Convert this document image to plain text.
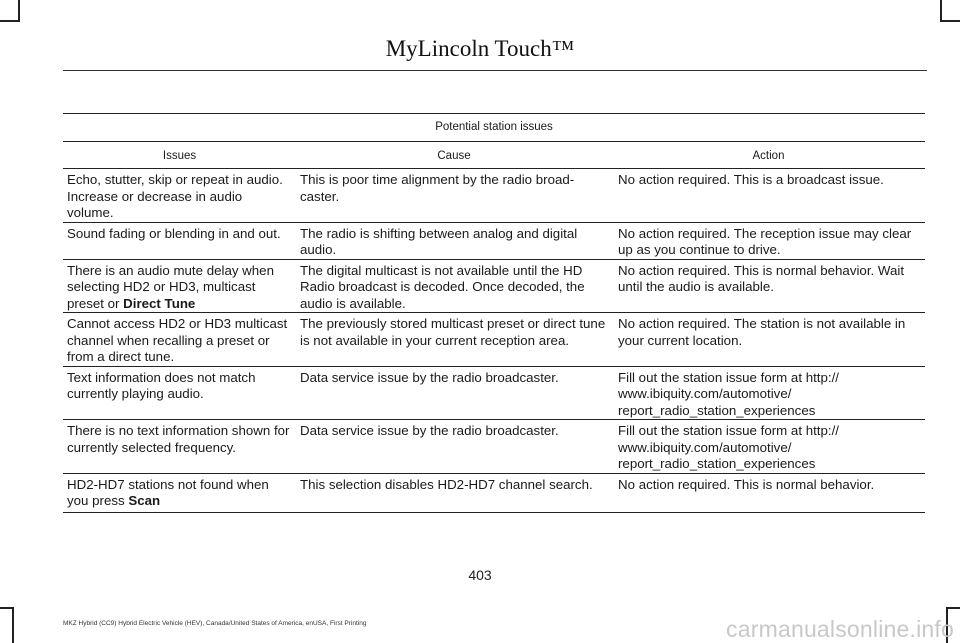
MyLincoln Touch™
Potential station issues		
Issues	Cause	Action
Echo, stutter, skip or repeat in audio. Increase or decrease in audio volume.	This is poor time alignment by the radio broad-caster.	No action required. This is a broadcast issue.
Sound fading or blending in and out.	The radio is shifting between analog and digital audio.	No action required. The reception issue may clear up as you continue to drive.
There is an audio mute delay when selecting HD2 or HD3, multicast preset or Direct Tune	The digital multicast is not available until the HD Radio broadcast is decoded. Once decoded, the audio is available.	No action required. This is normal behavior. Wait until the audio is available.
Cannot access HD2 or HD3 multicast channel when recalling a preset or from a direct tune.	The previously stored multicast preset or direct tune is not available in your current reception area.	No action required. The station is not available in your current location.
Text information does not match currently playing audio.	Data service issue by the radio broadcaster.	Fill out the station issue form at http://
www.ibiquity.com/automotive/
report_radio_station_experiences
There is no text information shown for currently selected frequency.	Data service issue by the radio broadcaster.	Fill out the station issue form at http://
www.ibiquity.com/automotive/
report_radio_station_experiences
HD2-HD7 stations not found when you press Scan	This selection disables HD2-HD7 channel search.	No action required. This is normal behavior.
403
MKZ Hybrid (CC9) Hybrid Electric Vehicle (HEV), Canada/United States of America, enUSA, First Printing	carmanualsonline.info
